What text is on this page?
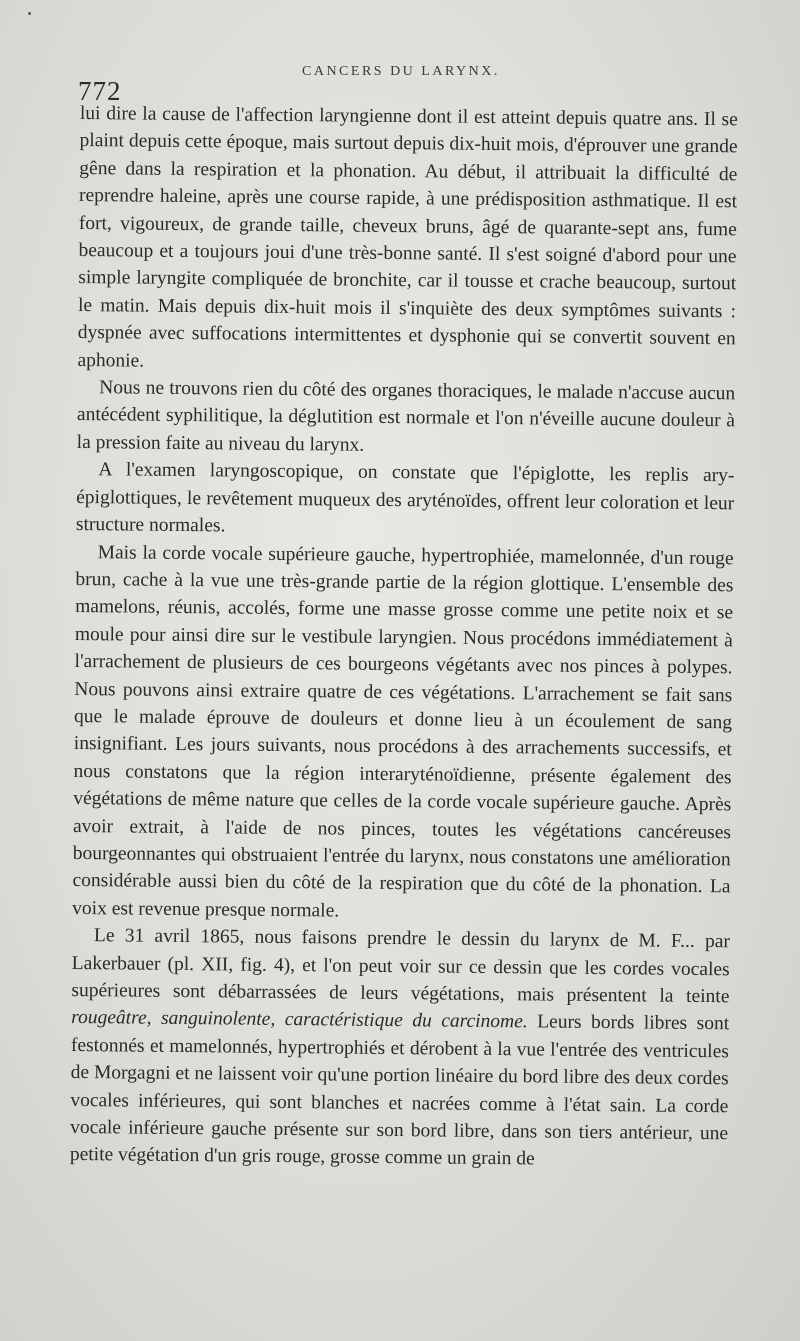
772
CANCERS DU LARYNX.

lui dire la cause de l'affection laryngienne dont il est atteint depuis quatre ans. Il se plaint depuis cette époque, mais surtout depuis dix-huit mois, d'éprouver une grande gêne dans la respiration et la phonation. Au début, il attribuait la difficulté de reprendre haleine, après une course rapide, à une prédisposition asthmatique. Il est fort, vigoureux, de grande taille, cheveux bruns, âgé de quarante-sept ans, fume beaucoup et a toujours joui d'une très-bonne santé. Il s'est soigné d'abord pour une simple laryngite compliquée de bronchite, car il tousse et crache beaucoup, surtout le matin. Mais depuis dix-huit mois il s'inquiète des deux symptômes suivants : dyspnée avec suffocations intermittentes et dysphonie qui se convertit souvent en aphonie.

Nous ne trouvons rien du côté des organes thoraciques, le malade n'accuse aucun antécédent syphilitique, la déglutition est normale et l'on n'éveille aucune douleur à la pression faite au niveau du larynx.

A l'examen laryngoscopique, on constate que l'épiglotte, les replis ary-épiglottiques, le revêtement muqueux des aryténoïdes, offrent leur coloration et leur structure normales.

Mais la corde vocale supérieure gauche, hypertrophiée, mamelonnée, d'un rouge brun, cache à la vue une très-grande partie de la région glottique. L'ensemble des mamelons, réunis, accolés, forme une masse grosse comme une petite noix et se moule pour ainsi dire sur le vestibule laryngien. Nous procédons immédiatement à l'arrachement de plusieurs de ces bourgeons végétants avec nos pinces à polypes. Nous pouvons ainsi extraire quatre de ces végétations. L'arrachement se fait sans que le malade éprouve de douleurs et donne lieu à un écoulement de sang insignifiant. Les jours suivants, nous procédons à des arrachements successifs, et nous constatons que la région interaryténoïdienne, présente également des végétations de même nature que celles de la corde vocale supérieure gauche. Après avoir extrait, à l'aide de nos pinces, toutes les végétations cancéreuses bourgeonnantes qui obstruaient l'entrée du larynx, nous constatons une amélioration considérable aussi bien du côté de la respiration que du côté de la phonation. La voix est revenue presque normale.

Le 31 avril 1865, nous faisons prendre le dessin du larynx de M. F... par Lakerbauer (pl. XII, fig. 4), et l'on peut voir sur ce dessin que les cordes vocales supérieures sont débarrassées de leurs végétations, mais présentent la teinte rougeâtre, sanguinolente, caractéristique du carcinome. Leurs bords libres sont festonnés et mamelonnés, hypertrophiés et dérobent à la vue l'entrée des ventricules de Morgagni et ne laissent voir qu'une portion linéaire du bord libre des deux cordes vocales inférieures, qui sont blanches et nacrées comme à l'état sain. La corde vocale inférieure gauche présente sur son bord libre, dans son tiers antérieur, une petite végétation d'un gris rouge, grosse comme un grain de
